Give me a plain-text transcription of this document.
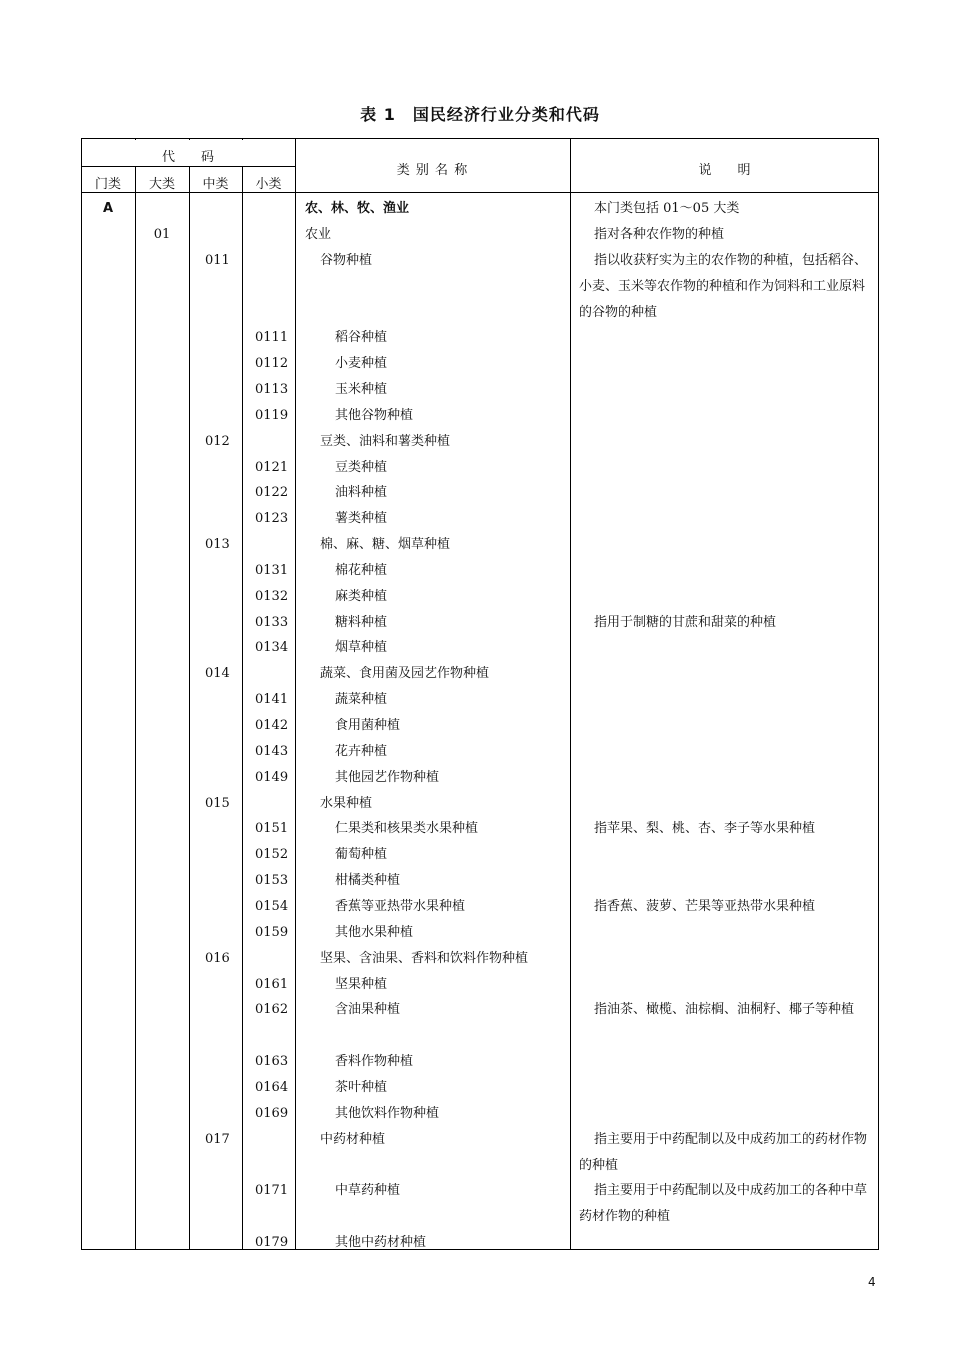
表 1　国民经济行业分类和代码
代　　码
门类	大类	中类	小类
类 别 名 称	说　　明
A	农、林、牧、渔业	本门类包括 01～05 大类
01	农业	指对各种农作物的种植
011	谷物种植	指以收获籽实为主的农作物的种植，包括稻谷、小麦、玉米等农作物的种植和作为饲料和工业原料的谷物的种植
0111	稻谷种植
0112	小麦种植
0113	玉米种植
0119	其他谷物种植
012	豆类、油料和薯类种植
0121	豆类种植
0122	油料种植
0123	薯类种植
013	棉、麻、糖、烟草种植
0131	棉花种植
0132	麻类种植
0133	糖料种植	指用于制糖的甘蔗和甜菜的种植
0134	烟草种植
014	蔬菜、食用菌及园艺作物种植
0141	蔬菜种植
0142	食用菌种植
0143	花卉种植
0149	其他园艺作物种植
015	水果种植
0151	仁果类和核果类水果种植	指苹果、梨、桃、杏、李子等水果种植
0152	葡萄种植
0153	柑橘类种植
0154	香蕉等亚热带水果种植	指香蕉、菠萝、芒果等亚热带水果种植
0159	其他水果种植
016	坚果、含油果、香料和饮料作物种植
0161	坚果种植
0162	含油果种植	指油茶、橄榄、油棕榈、油桐籽、椰子等种植
0163	香料作物种植
0164	茶叶种植
0169	其他饮料作物种植
017	中药材种植	指主要用于中药配制以及中成药加工的药材作物的种植
0171	中草药种植	指主要用于中药配制以及中成药加工的各种中草药材作物的种植
0179	其他中药材种植
4
